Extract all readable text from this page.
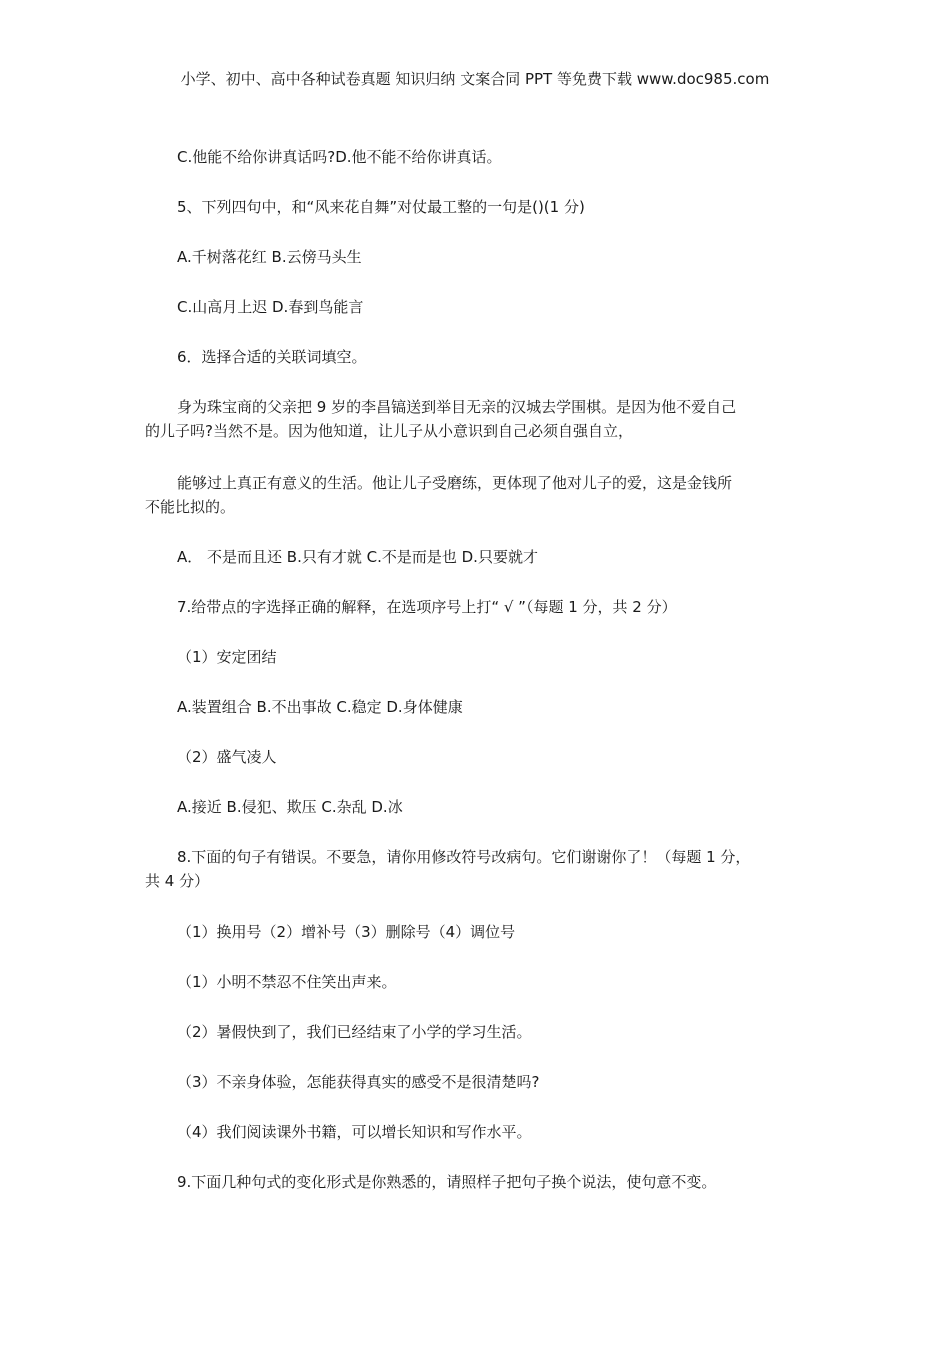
小学、初中、高中各种试卷真题 知识归纳 文案合同 PPT 等免费下载 www.doc985.com
C.他能不给你讲真话吗?D.他不能不给你讲真话。
5、下列四句中，和“风来花自舞”对仗最工整的一句是()(1 分)
A.千树落花红 B.云傍马头生
C.山高月上迟 D.春到鸟能言
6．选择合适的关联词填空。
身为珠宝商的父亲把 9 岁的李昌镐送到举目无亲的汉城去学围棋。是因为他不爱自己
的儿子吗?当然不是。因为他知道，让儿子从小意识到自己必须自强自立，
能够过上真正有意义的生活。他让儿子受磨练，更体现了他对儿子的爱，这是金钱所
不能比拟的。
A． 不是而且还 B.只有才就 C.不是而是也 D.只要就才
7.给带点的字选择正确的解释，在选项序号上打“ √ ”（每题 1 分，共 2 分）
（1）安定团结
A.装置组合 B.不出事故 C.稳定 D.身体健康
（2）盛气凌人
A.接近 B.侵犯、欺压 C.杂乱 D.冰
8.下面的句子有错误。不要急，请你用修改符号改病句。它们谢谢你了！（每题 1 分，
共 4 分）
（1）换用号（2）增补号（3）删除号（4）调位号
（1）小明不禁忍不住笑出声来。
（2）暑假快到了，我们已经结束了小学的学习生活。
（3）不亲身体验，怎能获得真实的感受不是很清楚吗?
（4）我们阅读课外书籍，可以增长知识和写作水平。
9.下面几种句式的变化形式是你熟悉的，请照样子把句子换个说法，使句意不变。
